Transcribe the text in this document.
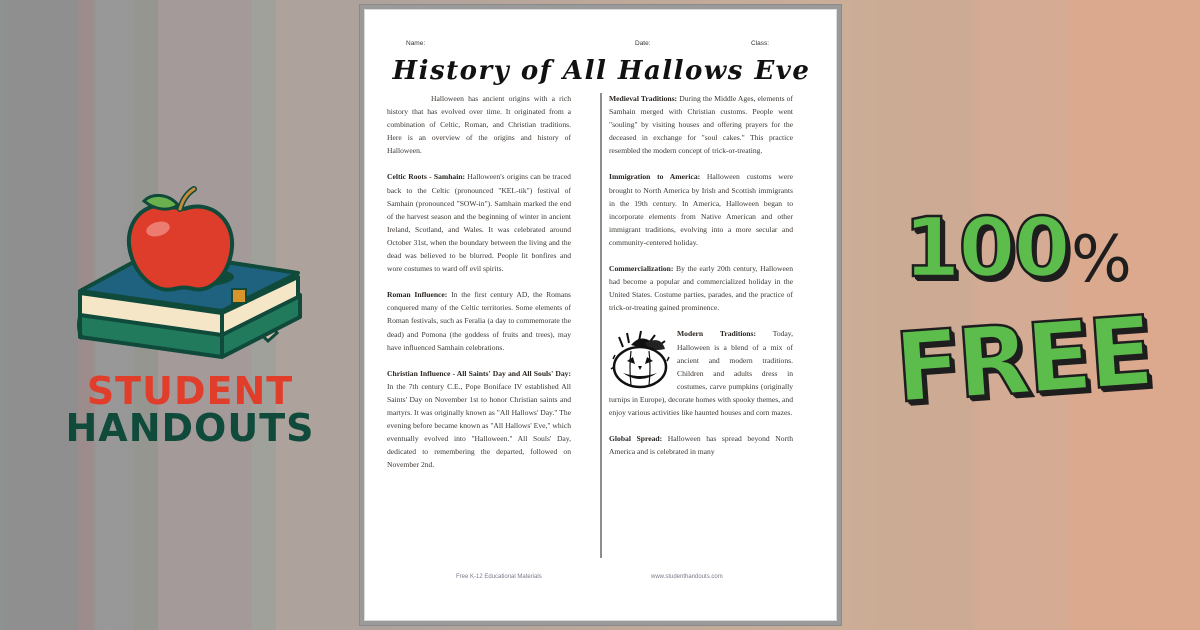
STUDENT
HANDOUTS
Name:	Date:	Class:
History of All Hallows Eve

Halloween has ancient origins with a rich history that has evolved over time. It originated from a combination of Celtic, Roman, and Christian traditions. Here is an overview of the origins and history of Halloween.

Celtic Roots - Samhain: Halloween's origins can be traced back to the Celtic (pronounced "KEL-tik") festival of Samhain (pronounced "SOW-in"). Samhain marked the end of the harvest season and the beginning of winter in ancient Ireland, Scotland, and Wales. It was celebrated around October 31st, when the boundary between the living and the dead was believed to be blurred. People lit bonfires and wore costumes to ward off evil spirits.

Roman Influence: In the first century AD, the Romans conquered many of the Celtic territories. Some elements of Roman festivals, such as Feralia (a day to commemorate the dead) and Pomona (the goddess of fruits and trees), may have influenced Samhain celebrations.

Christian Influence - All Saints' Day and All Souls' Day: In the 7th century C.E., Pope Boniface IV established All Saints' Day on November 1st to honor Christian saints and martyrs. It was originally known as "All Hallows' Day." The evening before became known as "All Hallows' Eve," which eventually evolved into "Halloween." All Souls' Day, dedicated to remembering the departed, followed on November 2nd.

Medieval Traditions: During the Middle Ages, elements of Samhain merged with Christian customs. People went "souling" by visiting houses and offering prayers for the deceased in exchange for "soul cakes." This practice resembled the modern concept of trick-or-treating.

Immigration to America: Halloween customs were brought to North America by Irish and Scottish immigrants in the 19th century. In America, Halloween began to incorporate elements from Native American and other immigrant traditions, evolving into a more secular and community-centered holiday.

Commercialization: By the early 20th century, Halloween had become a popular and commercialized holiday in the United States. Costume parties, parades, and the practice of trick-or-treating gained prominence.

Modern Traditions: Today, Halloween is a blend of a mix of ancient and modern traditions. Children and adults dress in costumes, carve pumpkins (originally turnips in Europe), decorate homes with spooky themes, and enjoy various activities like haunted houses and corn mazes.

Global Spread: Halloween has spread beyond North America and is celebrated in many

Free K-12 Educational Materials	www.studenthandouts.com
100 %
FREE
